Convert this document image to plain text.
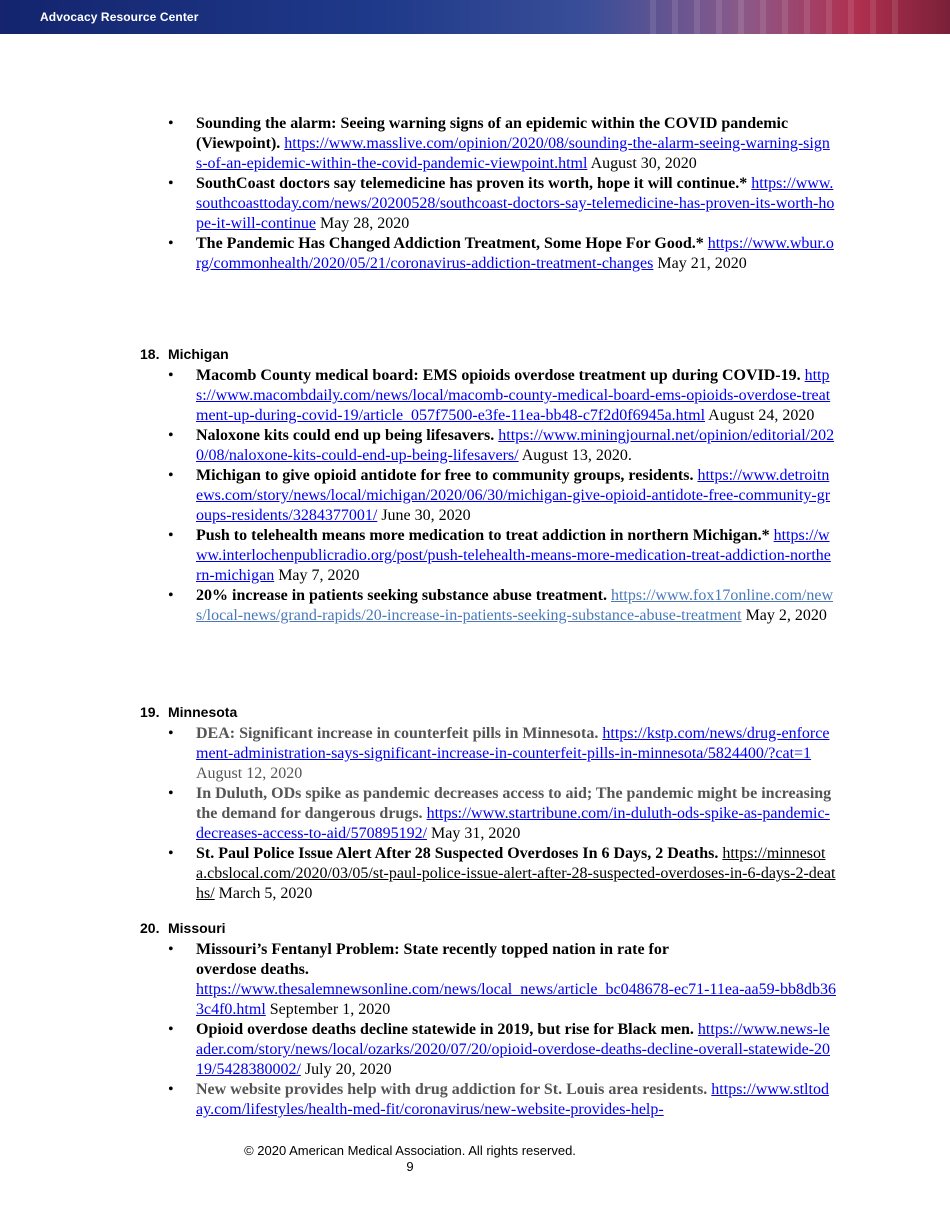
Advocacy Resource Center
• Sounding the alarm: Seeing warning signs of an epidemic within the COVID pandemic (Viewpoint). https://www.masslive.com/opinion/2020/08/sounding-the-alarm-seeing-warning-signs-of-an-epidemic-within-the-covid-pandemic-viewpoint.html August 30, 2020
• SouthCoast doctors say telemedicine has proven its worth, hope it will continue.* https://www.southcoasttoday.com/news/20200528/southcoast-doctors-say-telemedicine-has-proven-its-worth-hope-it-will-continue May 28, 2020
• The Pandemic Has Changed Addiction Treatment, Some Hope For Good.* https://www.wbur.org/commonhealth/2020/05/21/coronavirus-addiction-treatment-changes May 21, 2020
18. Michigan
• Macomb County medical board: EMS opioids overdose treatment up during COVID-19. https://www.macombdaily.com/news/local/macomb-county-medical-board-ems-opioids-overdose-treatment-up-during-covid-19/article_057f7500-e3fe-11ea-bb48-c7f2d0f6945a.html August 24, 2020
• Naloxone kits could end up being lifesavers. https://www.miningjournal.net/opinion/editorial/2020/08/naloxone-kits-could-end-up-being-lifesavers/ August 13, 2020.
• Michigan to give opioid antidote for free to community groups, residents. https://www.detroitnews.com/story/news/local/michigan/2020/06/30/michigan-give-opioid-antidote-free-community-groups-residents/3284377001/ June 30, 2020
• Push to telehealth means more medication to treat addiction in northern Michigan.* https://www.interlochenpublicradio.org/post/push-telehealth-means-more-medication-treat-addiction-northern-michigan May 7, 2020
• 20% increase in patients seeking substance abuse treatment. https://www.fox17online.com/news/local-news/grand-rapids/20-increase-in-patients-seeking-substance-abuse-treatment May 2, 2020
19. Minnesota
• DEA: Significant increase in counterfeit pills in Minnesota. https://kstp.com/news/drug-enforcement-administration-says-significant-increase-in-counterfeit-pills-in-minnesota/5824400/?cat=1 August 12, 2020
• In Duluth, ODs spike as pandemic decreases access to aid; The pandemic might be increasing the demand for dangerous drugs. https://www.startribune.com/in-duluth-ods-spike-as-pandemic-decreases-access-to-aid/570895192/ May 31, 2020
• St. Paul Police Issue Alert After 28 Suspected Overdoses In 6 Days, 2 Deaths. https://minnesota.cbslocal.com/2020/03/05/st-paul-police-issue-alert-after-28-suspected-overdoses-in-6-days-2-deaths/ March 5, 2020
20. Missouri
• Missouri’s Fentanyl Problem: State recently topped nation in rate for overdose deaths.
https://www.thesalemnewsonline.com/news/local_news/article_bc048678-ec71-11ea-aa59-bb8db363c4f0.html September 1, 2020
• Opioid overdose deaths decline statewide in 2019, but rise for Black men. https://www.news-leader.com/story/news/local/ozarks/2020/07/20/opioid-overdose-deaths-decline-overall-statewide-2019/5428380002/ July 20, 2020
• New website provides help with drug addiction for St. Louis area residents. https://www.stltoday.com/lifestyles/health-med-fit/coronavirus/new-website-provides-help-
© 2020 American Medical Association. All rights reserved.
9
